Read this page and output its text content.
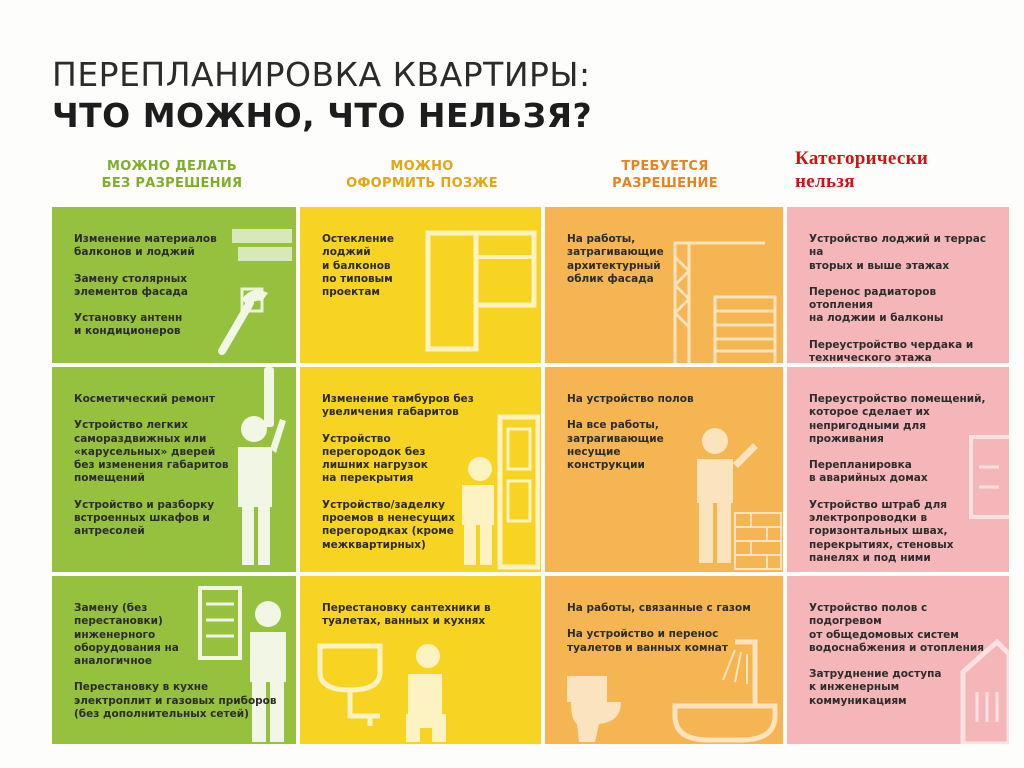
ПЕРЕПЛАНИРОВКА КВАРТИРЫ:
ЧТО МОЖНО, ЧТО НЕЛЬЗЯ?
МОЖНО ДЕЛАТЬ
БЕЗ РАЗРЕШЕНИЯ
МОЖНО
ОФОРМИТЬ ПОЗЖЕ
ТРЕБУЕТСЯ
РАЗРЕШЕНИЕ
Категорически
нельзя

Изменение материалов
балконов и лоджий

Замену столярных
элементов фасада

Установку антенн
и кондиционеров

Остекление
лоджий
и балконов
по типовым
проектам

На работы,
затрагивающие
архитектурный
облик фасада

Устройство лоджий и террас на
вторых и выше этажах

Перенос радиаторов отопления
на лоджии и балконы

Переустройство чердака и
технического этажа

Косметический ремонт

Устройство легких
самораздвижных или
«карусельных» дверей
без изменения габаритов
помещений

Устройство и разборку
встроенных шкафов и
антресолей

Изменение тамбуров без
увеличения габаритов

Устройство
перегородок без
лишних нагрузок
на перекрытия

Устройство/заделку
проемов в ненесущих
перегородках (кроме
межквартирных)

На устройство полов

На все работы,
затрагивающие
несущие
конструкции

Переустройство помещений,
которое сделает их
непригодными для проживания

Перепланировка
в аварийных домах

Устройство штраб для
электропроводки в
горизонтальных швах,
перекрытиях, стеновых
панелях и под ними

Замену (без
перестановки)
инженерного
оборудования на
аналогичное

Перестановку в кухне
электроплит и газовых приборов
(без дополнительных сетей)

Перестановку сантехники в
туалетах, ванных и кухнях

На работы, связанные с газом

На устройство и перенос
туалетов и ванных комнат

Устройство полов с подогревом
от общедомовых систем
водоснабжения и отопления

Затруднение доступа
к инженерным
коммуникациям
